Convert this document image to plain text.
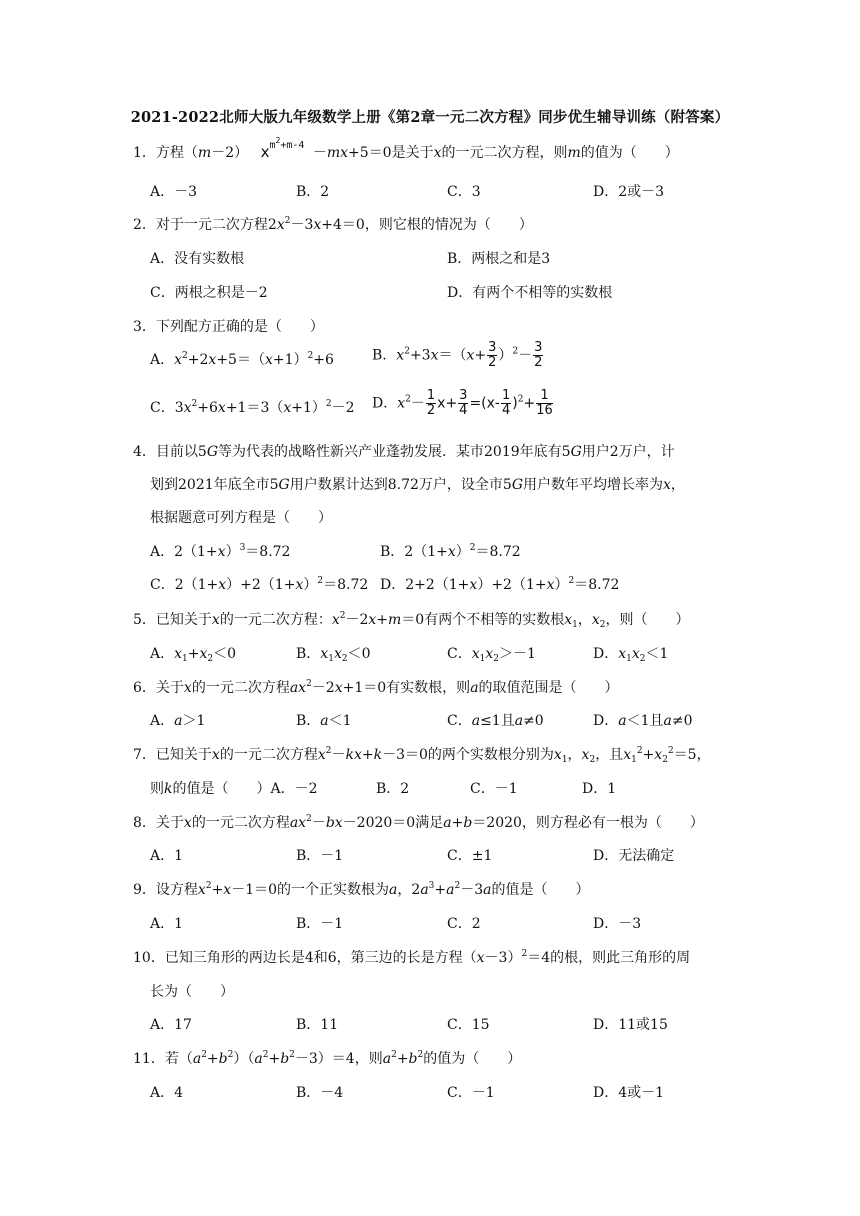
2021-2022北师大版九年级数学上册《第2章一元二次方程》同步优生辅导训练（附答案）
1．方程（m－2） $x^{m^2+m-4} -mx+5=0$是关于x的一元二次方程，则m的值为（　　）
A．－3	B．2	C．3	D．2或－3
2．对于一元二次方程$2x^2-3x+4=0$，则它根的情况为（　　）
A．没有实数根	B．两根之和是3
C．两根之积是－2	D．有两个不相等的实数根
3．下列配方正确的是（　　）
A．$x^2+2x+5=(x+1)^2+6$	B．$x^2+3x=(x+ \frac{3}{2} )^2- \frac{3}{2}$
C．$3x^2+6x+1=3(x+1)^2-2$ D．$x^2- \frac{1}{2} x+ \frac{3}{4} =(x- \frac{1}{4} )^2+ \frac{1}{16}$
4．目前以5G等为代表的战略性新兴产业蓬勃发展．某市2019年底有5G用户2万户，计
划到2021年底全市5G用户数累计达到8.72万户，设全市5G用户数年平均增长率为x，
根据题意可列方程是（　　）
A．$2(1+x)^3=8.72$	B．$2(1+x)^2=8.72$
C．$2(1+x)+2(1+x)^2=8.72$ D．$2+2(1+x)+2(1+x)^2=8.72$
5．已知关于x的一元二次方程：$x^2-2x+m=0$有两个不相等的实数根$x_1$，$x_2$，则（　　）
A．$x_1+x_2<0$	B．$x_1x_2<0$	C．$x_1x_2>-1$	D．$x_1x_2<1$
6．关于x的一元二次方程$ax^2-2x+1=0$有实数根，则a的取值范围是（　　）
A．a＞1	B．a＜1	C．a≤1且a≠0	D．a＜1且a≠0
7．已知关于x的一元二次方程$x^2-kx+k-3=0$的两个实数根分别为$x_1$，$x_2$，且$x_1^2+x_2^2=5$，
则k的值是（　　）A．－2	B．2	C．－1	D．1
8．关于x的一元二次方程$ax^2-bx-2020=0$满足a+b＝2020，则方程必有一根为（　　）
A．1	B．－1	C．±1	D．无法确定
9．设方程$x^2+x-1=0$的一个正实数根为a，$2a^3+a^2-3a$的值是（　　）
A．1	B．－1	C．2	D．－3
10．已知三角形的两边长是4和6，第三边的长是方程$(x-3)^2=4$的根，则此三角形的周
长为（　　）
A．17	B．11	C．15	D．11或15
11．若$(a^2+b^2)(a^2+b^2-3)=4$，则$a^2+b^2$的值为（　　）
A．4	B．－4	C．－1	D．4或－1
